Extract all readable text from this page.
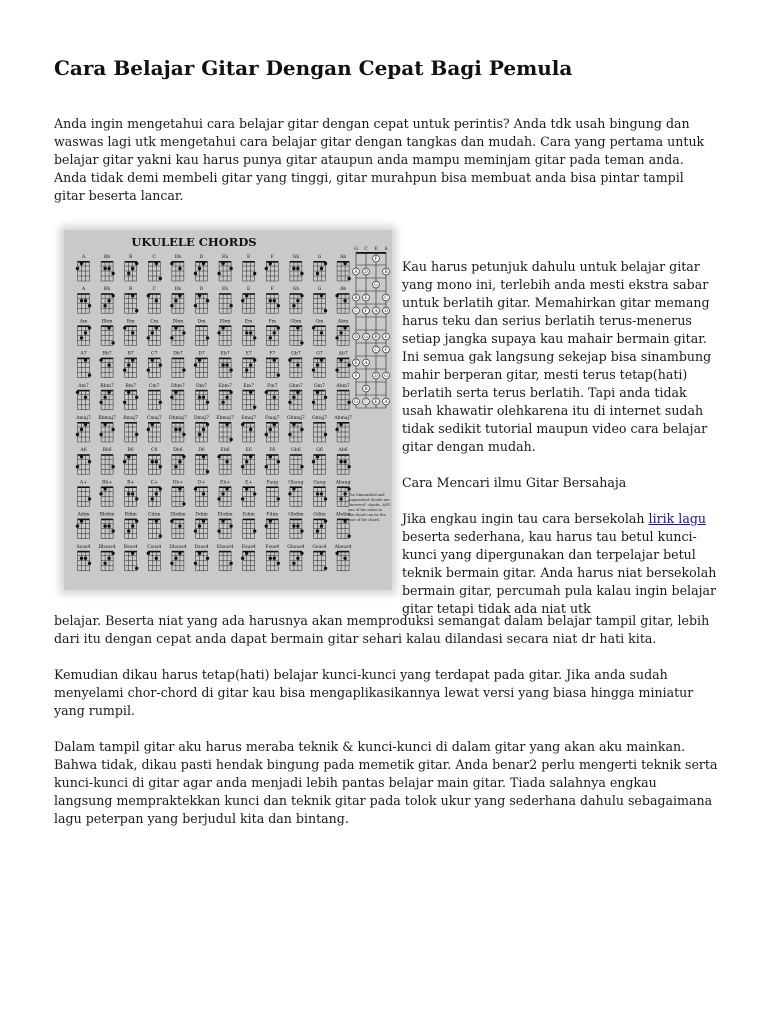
Cara Belajar Gitar Dengan Cepat Bagi Pemula

Anda ingin mengetahui cara belajar gitar dengan cepat untuk perintis? Anda tdk usah bingung dan waswas lagi utk mengetahui cara belajar gitar dengan tangkas dan mudah. Cara yang pertama untuk belajar gitar yakni kau harus punya gitar ataupun anda mampu meminjam gitar pada teman anda. Anda tidak demi membeli gitar yang tinggi, gitar murahpun bisa membuat anda bisa pintar tampil gitar beserta lancar.

UKULELE CHORDS
A	Bb	B	C	Db	D	Eb	E	F	Gb	G	Ab
A	Bb	B	C	Db	D	Eb	E	F	Gb	G	Ab
Am	Bbm	Bm	Cm	Dbm	Dm	Ebm	Em	Fm	Gbm	Gm	Abm
A7	Bb7	B7	C7	Db7	D7	Eb7	E7	F7	Gb7	G7	Ab7
Am7 Bbm7 Bm7	Cm7 Dbm7 Dm7 Ebm7 Em7	Fm7 Gbm7 Gm7 Abm7
Amaj7 Bbmaj7 Bmaj7 Cmaj7 Dbmaj7 Dmaj7 Ebmaj7 Emaj7 Fmaj7 Gbmaj7 Gmaj7 Abmaj7
A6	Bb6	B6	C6	Db6	D6	Eb6	E6	F6	Gb6	G6	Ab6
A+	Bb+	B+	C+	Db+	D+	Eb+	E+	Faug Gbaug Gaug Abaug
Adim Bbdim Bdim Cdim Dbdim Ddim Ebdim Edim	Fdim Gbdim Gdim Abdim
Asus4 Bbsus4 Bsus4 Csus4 Dbsus4 Dsus4 Ebsus4 Esus4 Fsus4 Gbsus4 Gsus4 Absus4
G C E A
F
A D	B
G
B E	C
C F A D
D G B E
C F
E A
F	D G
B
G C E A
The Diminished and Augmented chords are "inverted" chords. ANY one of the notes in the chord can be the root of the chord.

Kau harus petunjuk dahulu untuk belajar gitar yang mono ini, terlebih anda mesti ekstra sabar untuk berlatih gitar. Memahirkan gitar memang harus teku dan serius berlatih terus-menerus setiap jangka supaya kau mahair bermain gitar. Ini semua gak langsung sekejap bisa sinambung mahir berperan gitar, mesti terus tetap(hati) berlatih serta terus berlatih. Tapi anda tidak usah khawatir olehkarena itu di internet sudah tidak sedikit tutorial maupun video cara belajar gitar dengan mudah.

Cara Mencari ilmu Gitar Bersahaja

Jika engkau ingin tau cara bersekolah lirik lagu beserta sederhana, kau harus tau betul kunci-kunci yang dipergunakan dan terpelajar betul teknik bermain gitar. Anda harus niat bersekolah bermain gitar, percumah pula kalau ingin belajar gitar tetapi tidak ada niat utk

belajar. Beserta niat yang ada harusnya akan memproduksi semangat dalam belajar tampil gitar, lebih dari itu dengan cepat anda dapat bermain gitar sehari kalau dilandasi secara niat dr hati kita.

Kemudian dikau harus tetap(hati) belajar kunci-kunci yang terdapat pada gitar. Jika anda sudah menyelami chor-chord di gitar kau bisa mengaplikasikannya lewat versi yang biasa hingga miniatur yang rumpil.

Dalam tampil gitar aku harus meraba teknik & kunci-kunci di dalam gitar yang akan aku mainkan. Bahwa tidak, dikau pasti hendak bingung pada memetik gitar. Anda benar2 perlu mengerti teknik serta kunci-kunci di gitar agar anda menjadi lebih pantas belajar main gitar. Tiada salahnya engkau langsung mempraktekkan kunci dan teknik gitar pada tolok ukur yang sederhana dahulu sebagaimana lagu peterpan yang berjudul kita dan bintang.
